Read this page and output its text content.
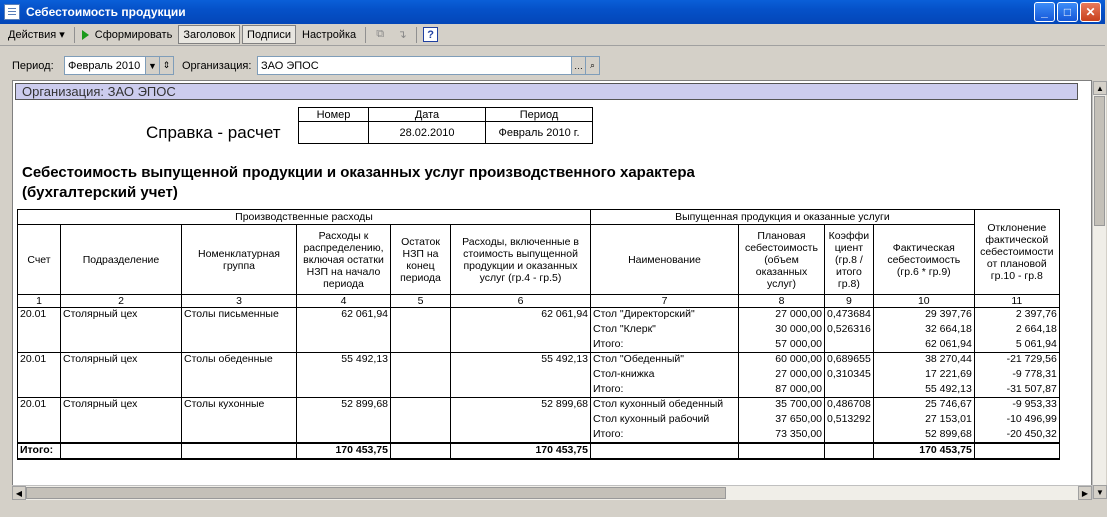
Себестоимость продукции	_	□	✕
Действия ▾	Сформировать	Заголовок	Подписи	Настройка	⧉	↴	?
Период: Февраль 2010 ▼ ⇕ Организация: ЗАО ЭПОС	… ⌕
Организация: ЗАО ЭПОС
Справка - расчет
Номер	Дата	Период
	28.02.2010	Февраль 2010 г.
Себестоимость выпущенной продукции и оказанных услуг производственного характера
(бухгалтерский учет)
Производственные расходы						Выпущенная продукция и оказанные услуги				Отклонение фактической себестоимости от плановой гр.10 - гр.8
Счет	Подразделение	Номенклатурная группа	Расходы к распределению, включая остатки НЗП на начало периода	Остаток НЗП на конец периода	Расходы, включенные в стоимость выпущенной продукции и оказанных услуг (гр.4 - гр.5)	Наименование	Плановая себестоимость (объем оказанных услуг)	Коэффи циент (гр.8 / итого гр.8)	Фактическая себестоимость (гр.6 * гр.9)	
1	2	3	4	5	6	7	8	9	10	11
20.01	Столярный цех	Столы письменные	62 061,94		62 061,94	Стол "Директорский"	27 000,00	0,473684	29 397,76	2 397,76
						Стол "Клерк"	30 000,00	0,526316	32 664,18	2 664,18
						Итого:	57 000,00		62 061,94	5 061,94
20.01	Столярный цех	Столы обеденные	55 492,13		55 492,13	Стол "Обеденный"	60 000,00	0,689655	38 270,44	-21 729,56
						Стол-книжка	27 000,00	0,310345	17 221,69	-9 778,31
						Итого:	87 000,00		55 492,13	-31 507,87
20.01	Столярный цех	Столы кухонные	52 899,68		52 899,68	Стол кухонный обеденный	35 700,00	0,486708	25 746,67	-9 953,33
						Стол кухонный рабочий	37 650,00	0,513292	27 153,01	-10 496,99
						Итого:	73 350,00		52 899,68	-20 450,32
Итого:			170 453,75		170 453,75				170 453,75	
▲
▼
◀	▶
